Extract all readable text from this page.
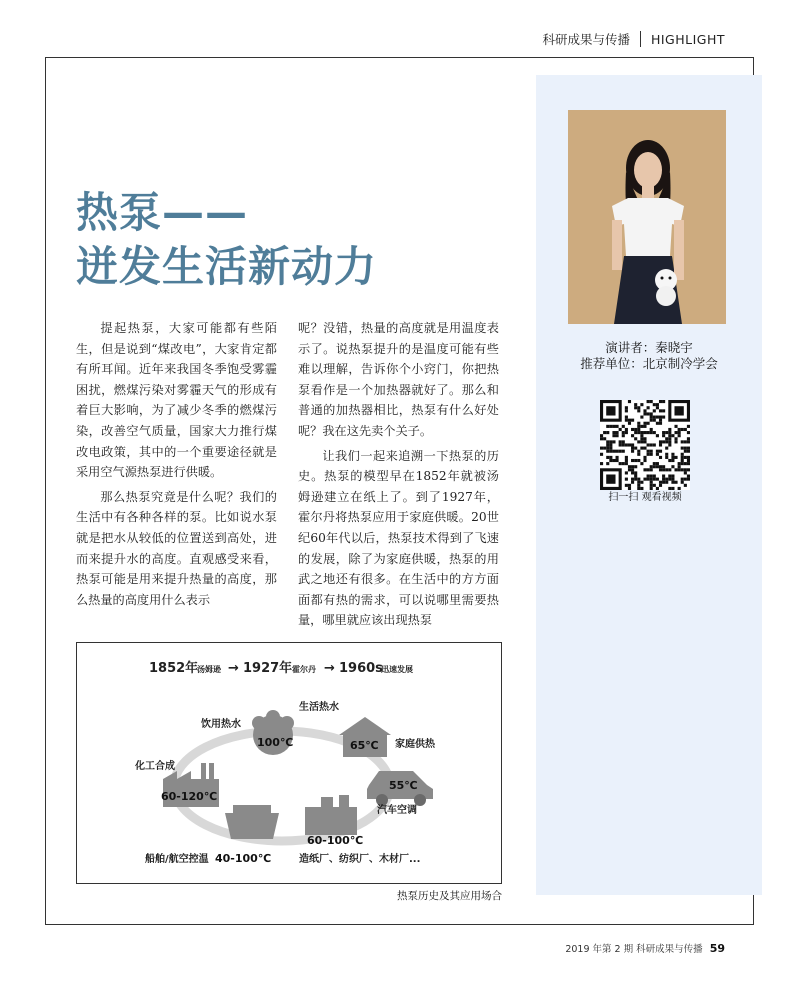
科研成果与传播 HIGHLIGHT
演讲者：秦晓宇
推荐单位：北京制冷学会
扫一扫 观看视频
热泵——
迸发生活新动力

提起热泵，大家可能都有些陌生，但是说到“煤改电”，大家肯定都有所耳闻。近年来我国冬季饱受雾霾困扰，燃煤污染对雾霾天气的形成有着巨大影响，为了减少冬季的燃煤污染，改善空气质量，国家大力推行煤改电政策，其中的一个重要途径就是采用空气源热泵进行供暖。

那么热泵究竟是什么呢？我们的生活中有各种各样的泵。比如说水泵就是把水从较低的位置送到高处，进而来提升水的高度。直观感受来看，热泵可能是用来提升热量的高度，那么热量的高度用什么表示

呢？没错，热量的高度就是用温度表示了。说热泵提升的是温度可能有些难以理解，告诉你个小窍门，你把热泵看作是一个加热器就好了。那么和普通的加热器相比，热泵有什么好处呢？我在这先卖个关子。

让我们一起来追溯一下热泵的历史。热泵的模型早在1852年就被汤姆逊建立在纸上了。到了1927年，霍尔丹将热泵应用于家庭供暖。20世纪60年代以后，热泵技术得到了飞速的发展，除了为家庭供暖，热泵的用武之地还有很多。在生活中的方方面面都有热的需求，可以说哪里需要热量，哪里就应该出现热泵

1852年
汤姆逊 → 1927年 霍尔丹 → 1960s
迅速发展
饮用热水
100℃
生活热水
65℃ 家庭供热
55℃
汽车空调
60-100℃
造纸厂、纺织厂、木材厂...
40-100℃
船舶/航空控温
化工合成
60-120℃
热泵历史及其应用场合
2019 年第 2 期 科研成果与传播 59
